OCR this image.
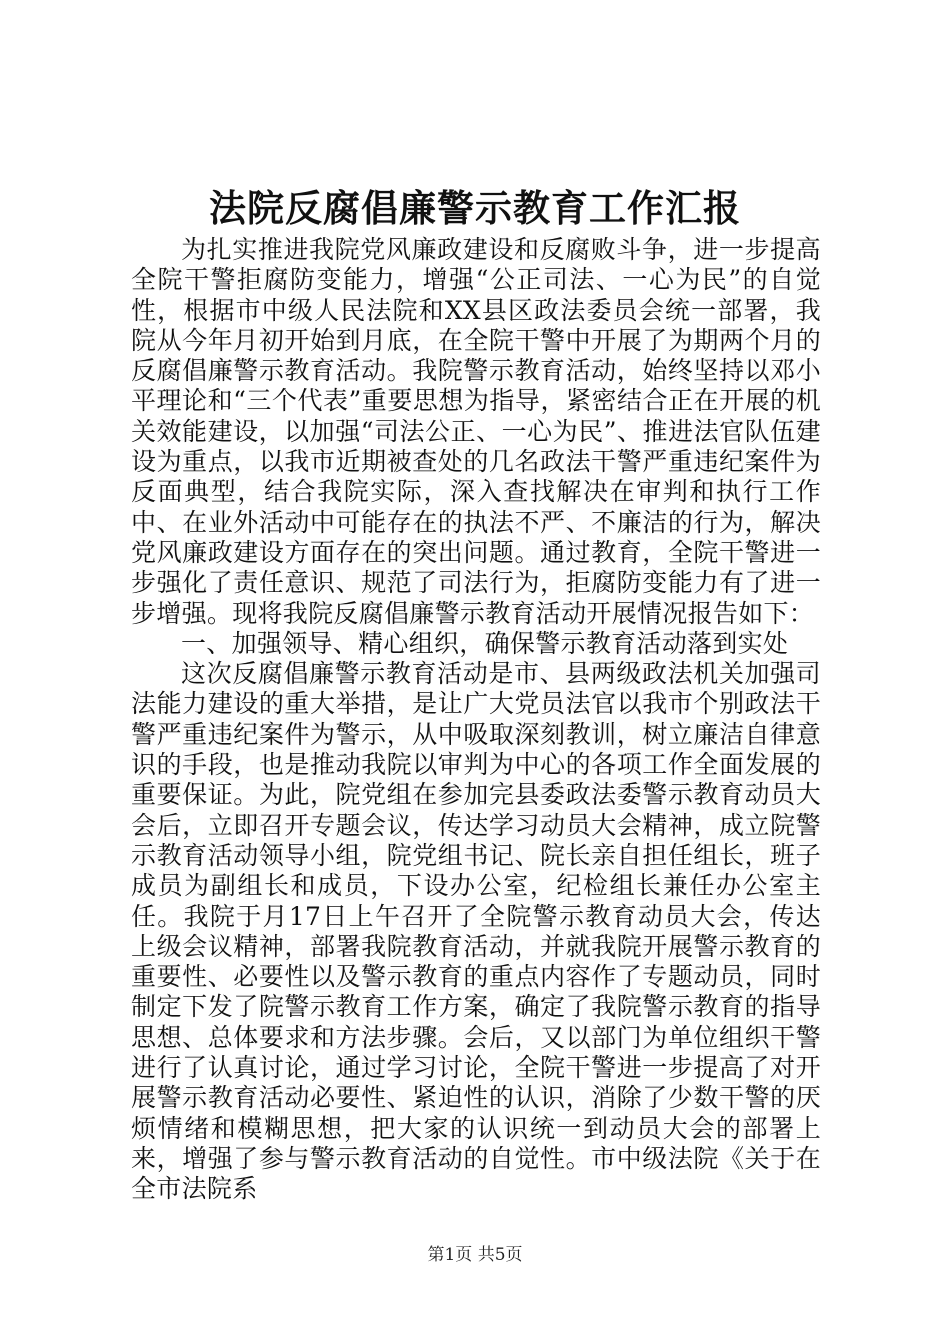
法院反腐倡廉警示教育工作汇报

为扎实推进我院党风廉政建设和反腐败斗争，进一步提高全院干警拒腐防变能力，增强“公正司法、一心为民”的自觉性，根据市中级人民法院和XX县区政法委员会统一部署，我院从今年月初开始到月底，在全院干警中开展了为期两个月的反腐倡廉警示教育活动。我院警示教育活动，始终坚持以邓小平理论和“三个代表”重要思想为指导，紧密结合正在开展的机关效能建设，以加强“司法公正、一心为民”、推进法官队伍建设为重点，以我市近期被查处的几名政法干警严重违纪案件为反面典型，结合我院实际，深入查找解决在审判和执行工作中、在业外活动中可能存在的执法不严、不廉洁的行为，解决党风廉政建设方面存在的突出问题。通过教育，全院干警进一步强化了责任意识、规范了司法行为，拒腐防变能力有了进一步增强。现将我院反腐倡廉警示教育活动开展情况报告如下：

一、加强领导、精心组织，确保警示教育活动落到实处

这次反腐倡廉警示教育活动是市、县两级政法机关加强司法能力建设的重大举措，是让广大党员法官以我市个别政法干警严重违纪案件为警示，从中吸取深刻教训，树立廉洁自律意识的手段，也是推动我院以审判为中心的各项工作全面发展的重要保证。为此，院党组在参加完县委政法委警示教育动员大会后，立即召开专题会议，传达学习动员大会精神，成立院警示教育活动领导小组，院党组书记、院长亲自担任组长，班子成员为副组长和成员，下设办公室，纪检组长兼任办公室主任。我院于月17日上午召开了全院警示教育动员大会，传达上级会议精神，部署我院教育活动，并就我院开展警示教育的重要性、必要性以及警示教育的重点内容作了专题动员，同时制定下发了院警示教育工作方案，确定了我院警示教育的指导思想、总体要求和方法步骤。会后，又以部门为单位组织干警进行了认真讨论，通过学习讨论，全院干警进一步提高了对开展警示教育活动必要性、紧迫性的认识，消除了少数干警的厌烦情绪和模糊思想，把大家的认识统一到动员大会的部署上来，增强了参与警示教育活动的自觉性。市中级法院《关于在全市法院系

第1页 共5页
